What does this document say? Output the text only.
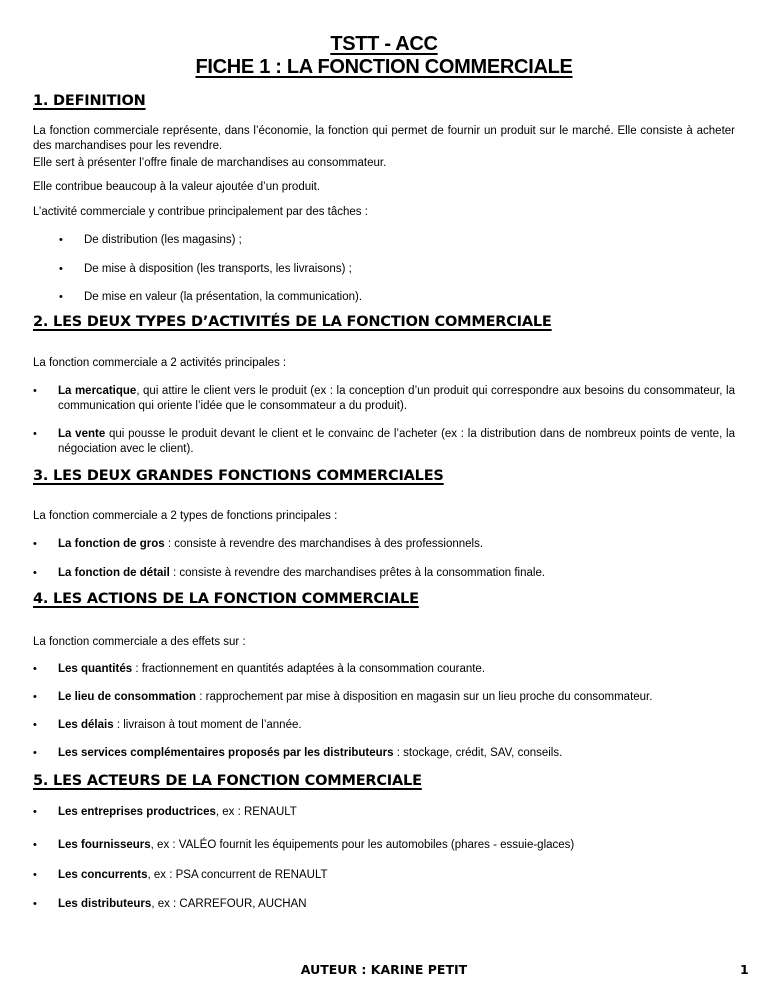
TSTT - ACC
FICHE 1 : LA FONCTION COMMERCIALE
1. DEFINITION
La fonction commerciale représente, dans l’économie, la fonction qui permet de fournir un produit sur le marché. Elle consiste à acheter des marchandises pour les revendre.
Elle sert à présenter l’offre finale de marchandises au consommateur.
Elle contribue beaucoup à la valeur ajoutée d’un produit.
L’activité commerciale y contribue principalement par des tâches :
• De distribution (les magasins) ;
• De mise à disposition (les transports, les livraisons) ;
• De mise en valeur (la présentation, la communication).
2. LES DEUX TYPES D’ACTIVITÉS DE LA FONCTION COMMERCIALE
La fonction commerciale a 2 activités principales :
• La mercatique, qui attire le client vers le produit (ex : la conception d’un produit qui correspondre aux besoins du consommateur, la communication qui oriente l’idée que le consommateur a du produit).
• La vente qui pousse le produit devant le client et le convainc de l’acheter (ex : la distribution dans de nombreux points de vente, la négociation avec le client).
3. LES DEUX GRANDES FONCTIONS COMMERCIALES
La fonction commerciale a 2 types de fonctions principales :
• La fonction de gros : consiste à revendre des marchandises à des professionnels.
• La fonction de détail : consiste à revendre des marchandises prêtes à la consommation finale.
4. LES ACTIONS DE LA FONCTION COMMERCIALE
La fonction commerciale a des effets sur :
• Les quantités : fractionnement en quantités adaptées à la consommation courante.
• Le lieu de consommation : rapprochement par mise à disposition en magasin sur un lieu proche du consommateur.
• Les délais : livraison à tout moment de l’année.
• Les services complémentaires proposés par les distributeurs : stockage, crédit, SAV, conseils.
5. LES ACTEURS DE LA FONCTION COMMERCIALE
• Les entreprises productrices, ex : RENAULT
• Les fournisseurs, ex : VALÉO fournit les équipements pour les automobiles (phares - essuie-glaces)
• Les concurrents, ex : PSA concurrent de RENAULT
• Les distributeurs, ex : CARREFOUR, AUCHAN
AUTEUR : KARINE PETIT	1
